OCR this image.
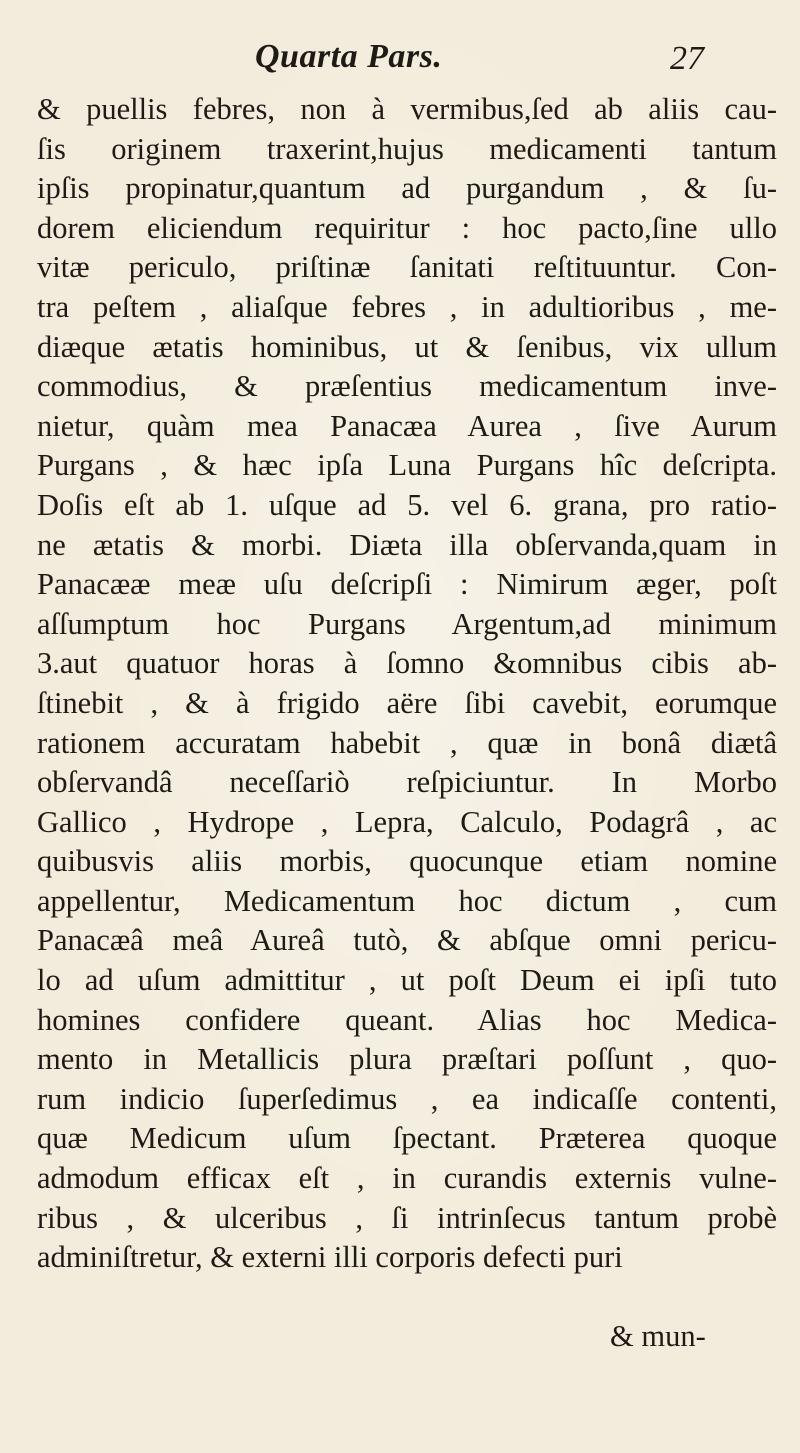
Quarta Pars.	27
& puellis febres, non à vermibus,ſed ab aliis cau-
ſis originem traxerint,hujus medicamenti tantum
ipſis propinatur,quantum ad purgandum , & ſu-
dorem eliciendum requiritur : hoc pacto,ſine ullo
vitæ periculo, priſtinæ ſanitati reſtituuntur. Con-
tra peſtem , aliaſque febres , in adultioribus , me-
diæque ætatis hominibus, ut & ſenibus, vix ullum
commodius, & præſentius medicamentum inve-
nietur, quàm mea Panacæa Aurea , ſive Aurum
Purgans , & hæc ipſa Luna Purgans hîc deſcripta.
Doſis eſt ab 1. uſque ad 5. vel 6. grana, pro ratio-
ne ætatis & morbi. Diæta illa obſervanda,quam in
Panacææ meæ uſu deſcripſi : Nimirum æger, poſt
aſſumptum hoc Purgans Argentum,ad minimum
3.aut quatuor horas à ſomno &omnibus cibis ab-
ſtinebit , & à frigido aëre ſibi cavebit, eorumque
rationem accuratam habebit , quæ in bonâ diætâ
obſervandâ neceſſariò reſpiciuntur. In Morbo
Gallico , Hydrope , Lepra, Calculo, Podagrâ , ac
quibusvis aliis morbis, quocunque etiam nomine
appellentur, Medicamentum hoc dictum , cum
Panacæâ meâ Aureâ tutò, & abſque omni pericu-
lo ad uſum admittitur , ut poſt Deum ei ipſi tuto
homines confidere queant. Alias hoc Medica-
mento in Metallicis plura præſtari poſſunt , quo-
rum indicio ſuperſedimus , ea indicaſſe contenti,
quæ Medicum uſum ſpectant. Præterea quoque
admodum efficax eſt , in curandis externis vulne-
ribus , & ulceribus , ſi intrinſecus tantum probè
adminiſtretur, & externi illi corporis defecti puri
& mun-
